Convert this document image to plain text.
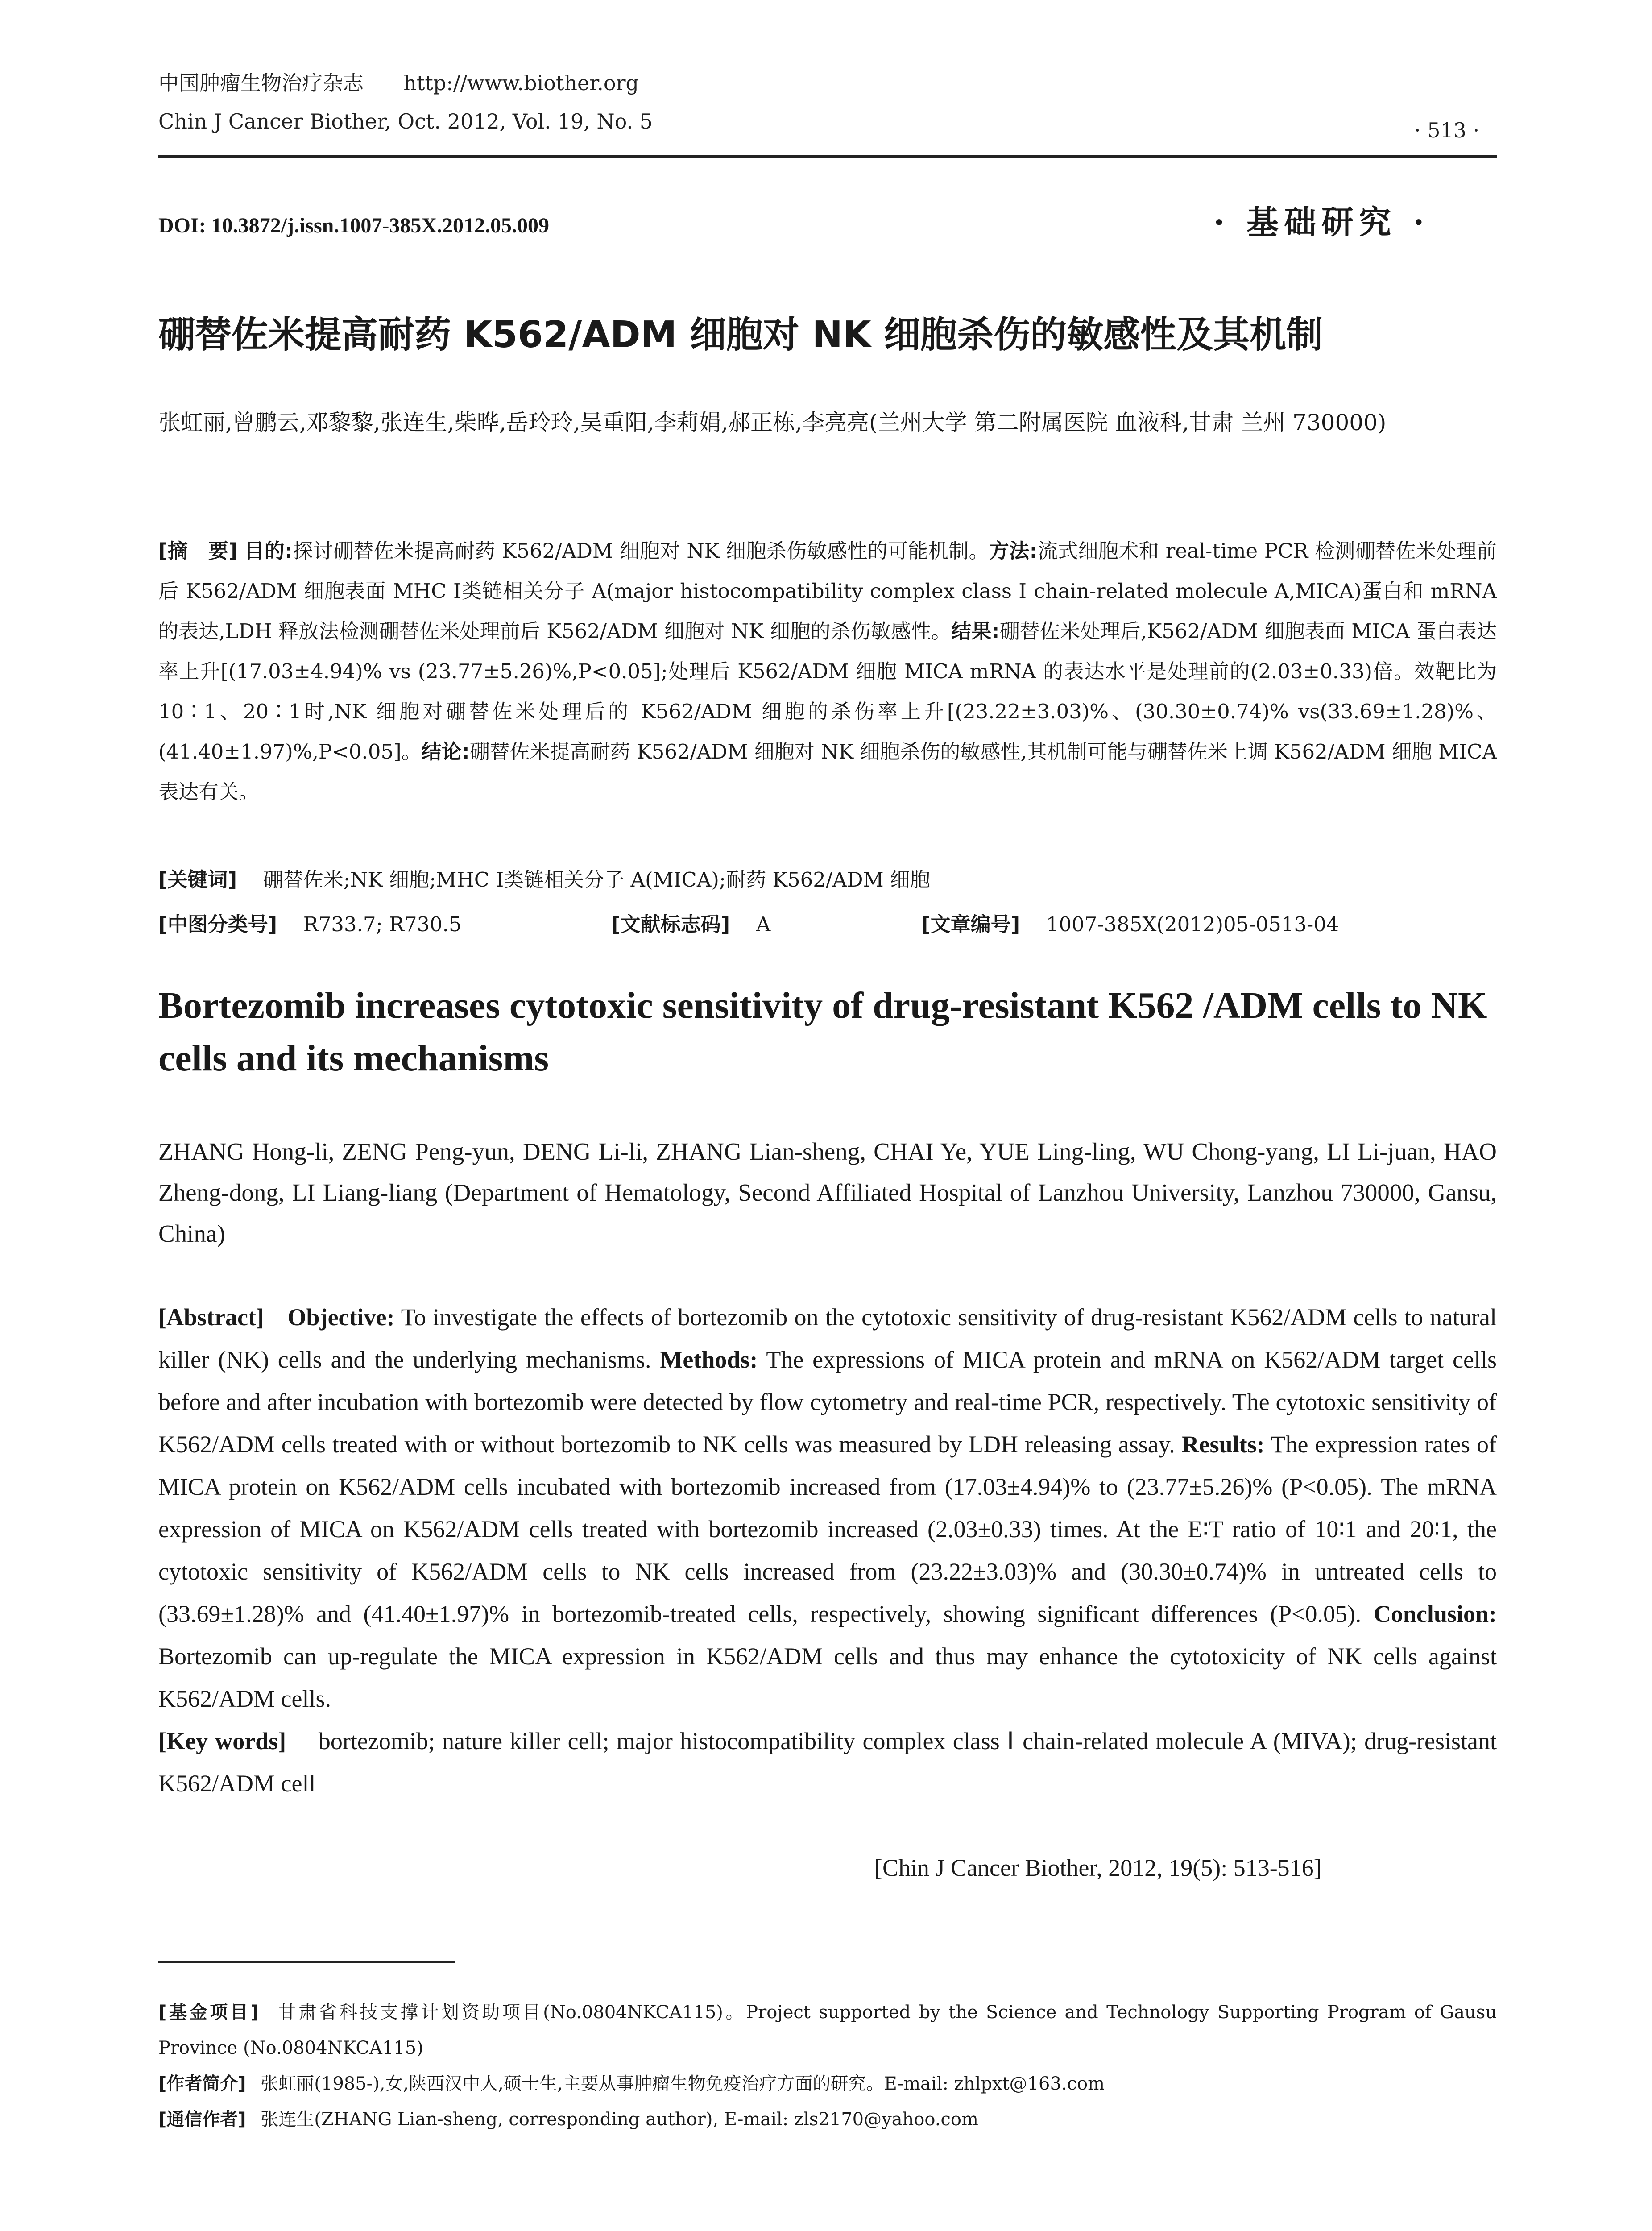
中国肿瘤生物治疗杂志 http://www.biother.org
Chin J Cancer Biother, Oct. 2012, Vol. 19, No. 5	· 513 ·
DOI: 10.3872/j.issn.1007-385X.2012.05.009	· 基础研究 ·
硼替佐米提高耐药 K562/ADM 细胞对 NK 细胞杀伤的敏感性及其机制
张虹丽,曾鹏云,邓黎黎,张连生,柴晔,岳玲玲,吴重阳,李莉娟,郝正栋,李亮亮(兰州大学 第二附属医院 血液科,甘肃 兰州 730000)
[摘　要] 目的:探讨硼替佐米提高耐药 K562/ADM 细胞对 NK 细胞杀伤敏感性的可能机制。方法:流式细胞术和 real-time PCR 检测硼替佐米处理前后 K562/ADM 细胞表面 MHC Ⅰ类链相关分子 A(major histocompatibility complex class Ⅰ chain-related molecule A,MICA)蛋白和 mRNA 的表达,LDH 释放法检测硼替佐米处理前后 K562/ADM 细胞对 NK 细胞的杀伤敏感性。结果:硼替佐米处理后,K562/ADM 细胞表面 MICA 蛋白表达率上升[(17.03±4.94)% vs (23.77±5.26)%,P<0.05];处理后 K562/ADM 细胞 MICA mRNA 的表达水平是处理前的(2.03±0.33)倍。效靶比为 10∶1、20∶1时,NK 细胞对硼替佐米处理后的 K562/ADM 细胞的杀伤率上升[(23.22±3.03)%、(30.30±0.74)% vs(33.69±1.28)%、(41.40±1.97)%,P<0.05]。结论:硼替佐米提高耐药 K562/ADM 细胞对 NK 细胞杀伤的敏感性,其机制可能与硼替佐米上调 K562/ADM 细胞 MICA 表达有关。
[关键词] 硼替佐米;NK 细胞;MHC Ⅰ类链相关分子 A(MICA);耐药 K562/ADM 细胞
[中图分类号] R733.7; R730.5	[文献标志码] A	[文章编号] 1007-385X(2012)05-0513-04
Bortezomib increases cytotoxic sensitivity of drug-resistant K562 /ADM cells to NK cells and its mechanisms
ZHANG Hong-li, ZENG Peng-yun, DENG Li-li, ZHANG Lian-sheng, CHAI Ye, YUE Ling-ling, WU Chong-yang, LI Li-juan, HAO Zheng-dong, LI Liang-liang (Department of Hematology, Second Affiliated Hospital of Lanzhou University, Lanzhou 730000, Gansu, China)
[Abstract] Objective: To investigate the effects of bortezomib on the cytotoxic sensitivity of drug-resistant K562/ADM cells to natural killer (NK) cells and the underlying mechanisms. Methods: The expressions of MICA protein and mRNA on K562/ADM target cells before and after incubation with bortezomib were detected by flow cytometry and real-time PCR, respectively. The cytotoxic sensitivity of K562/ADM cells treated with or without bortezomib to NK cells was measured by LDH releasing assay. Results: The expression rates of MICA protein on K562/ADM cells incubated with bortezomib increased from (17.03±4.94)% to (23.77±5.26)% (P<0.05). The mRNA expression of MICA on K562/ADM cells treated with bortezomib increased (2.03±0.33) times. At the E∶T ratio of 10∶1 and 20∶1, the cytotoxic sensitivity of K562/ADM cells to NK cells increased from (23.22±3.03)% and (30.30±0.74)% in untreated cells to (33.69±1.28)% and (41.40±1.97)% in bortezomib-treated cells, respectively, showing significant differences (P<0.05). Conclusion: Bortezomib can up-regulate the MICA expression in K562/ADM cells and thus may enhance the cytotoxicity of NK cells against K562/ADM cells.
[Key words] bortezomib; nature killer cell; major histocompatibility complex class Ⅰ chain-related molecule A (MIVA); drug-resistant K562/ADM cell
[Chin J Cancer Biother, 2012, 19(5): 513-516]
[基金项目] 甘肃省科技支撑计划资助项目(No.0804NKCA115)。Project supported by the Science and Technology Supporting Program of Gausu Province (No.0804NKCA115)
[作者简介] 张虹丽(1985-),女,陕西汉中人,硕士生,主要从事肿瘤生物免疫治疗方面的研究。E-mail: zhlpxt@163.com
[通信作者] 张连生(ZHANG Lian-sheng, corresponding author), E-mail: zls2170@yahoo.com
